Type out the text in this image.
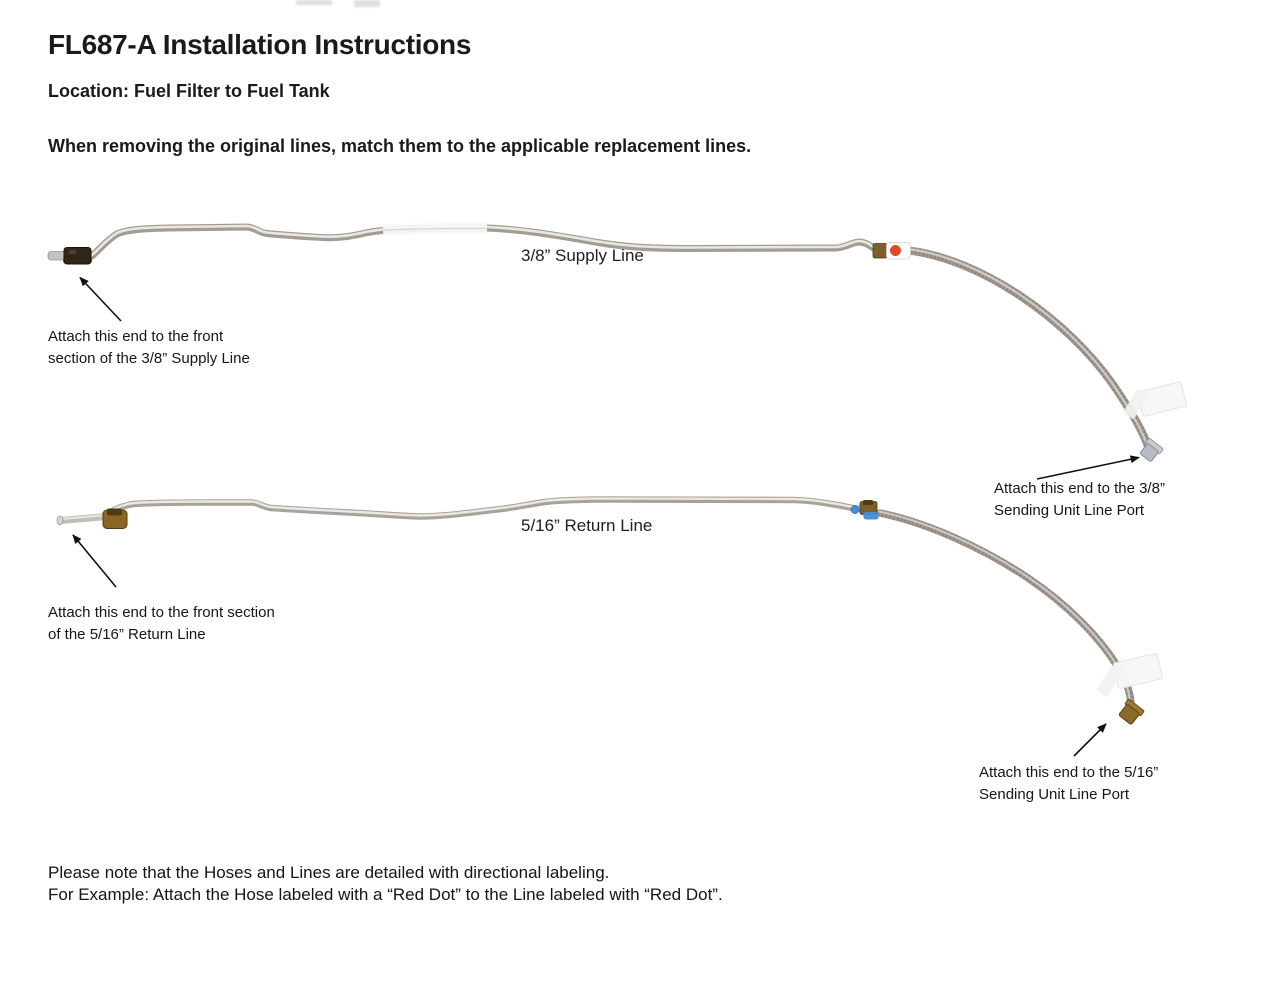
FL687-A Installation Instructions
Location: Fuel Filter to Fuel Tank
When removing the original lines, match them to the applicable replacement lines.
3/8” Supply Line
Attach this end to the front
section of the 3/8” Supply Line
Attach this end to the 3/8”
Sending Unit Line Port
5/16” Return Line
Attach this end to the front section
of the 5/16” Return Line
Attach this end to the 5/16”
Sending Unit Line Port
Please note that the Hoses and Lines are detailed with directional labeling.
For Example: Attach the Hose labeled with a “Red Dot” to the Line labeled with “Red Dot”.
